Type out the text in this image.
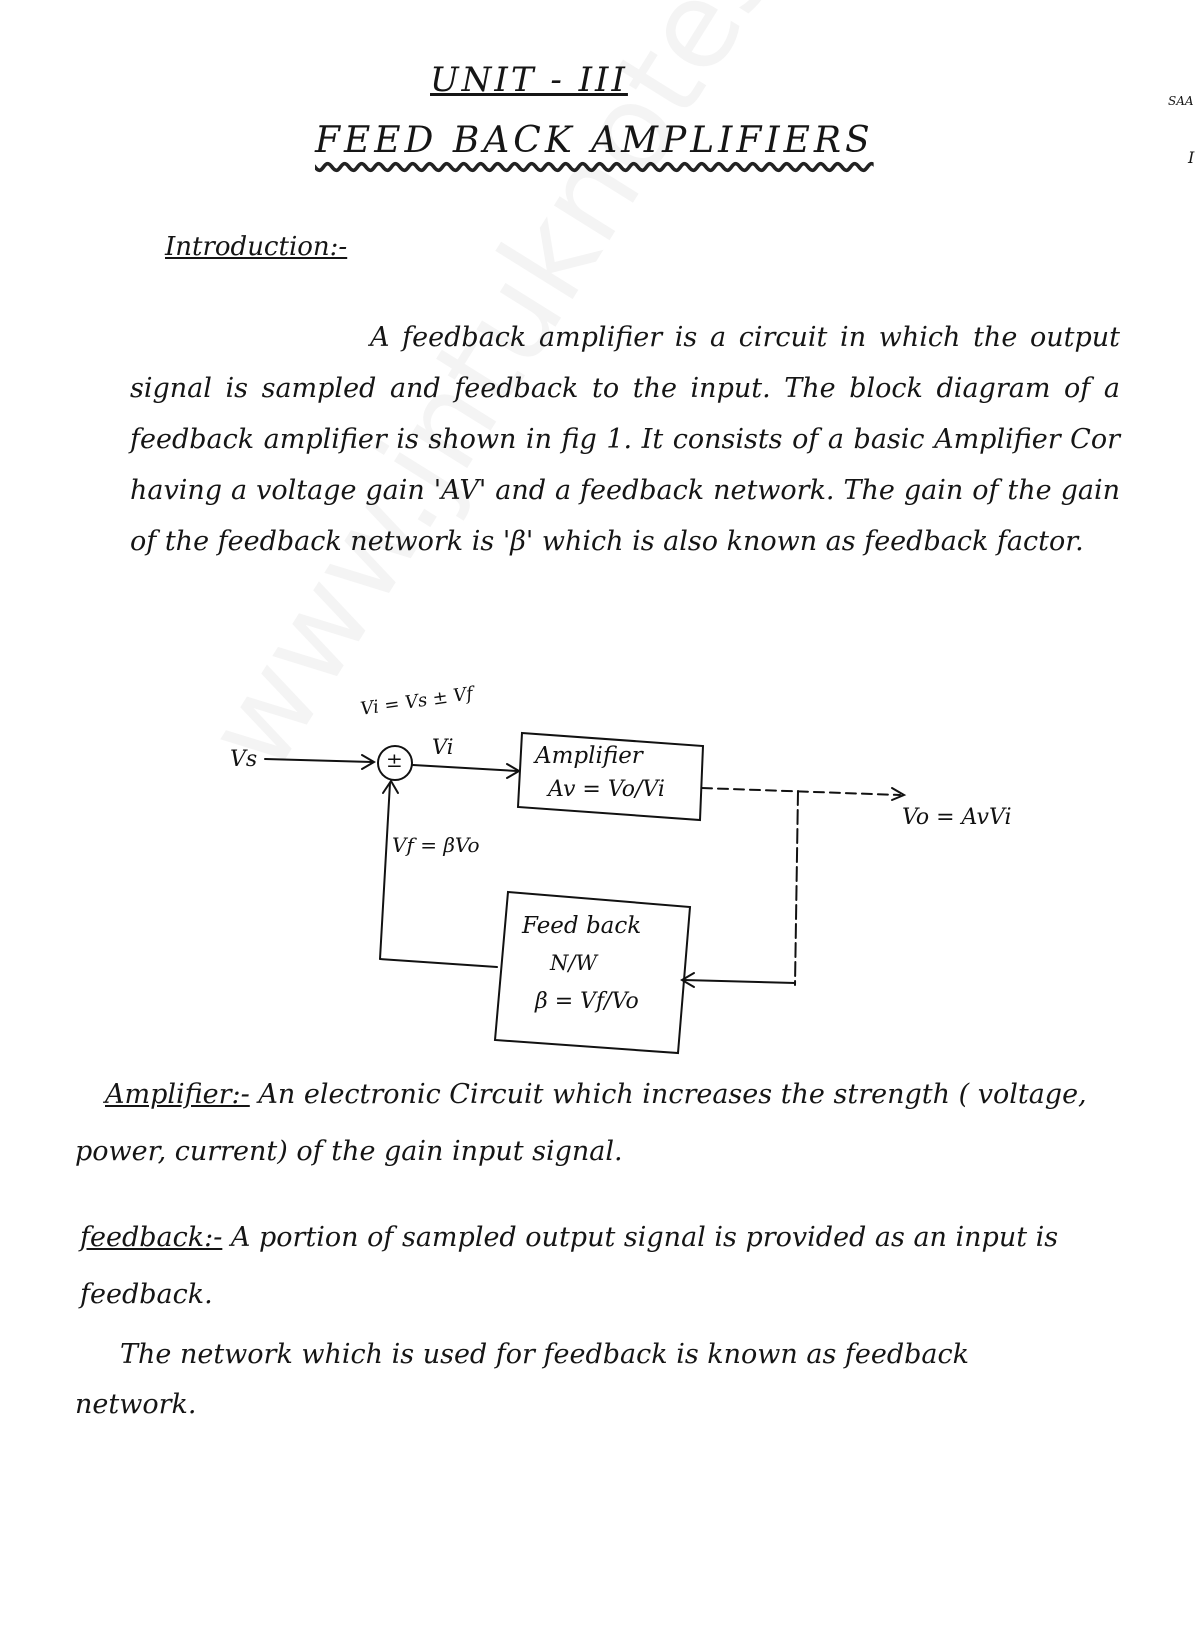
UNIT - III
FEED BACK AMPLIFIERS
SAA
I
Introduction:-

A feedback amplifier is a circuit in which the output signal is sampled and feedback to the input. The block diagram of a feedback amplifier is shown in fig 1. It consists of a basic Amplifier Cor having a voltage gain 'AV' and a feedback network. The gain of the gain of the feedback network is 'β' which is also known as feedback factor.

Vi = Vs ± Vf
Vs	±
Vi	Amplifier
Av = Vo/Vi
Vo = AvVi
Vf = βVo
Feed back
N/W
β = Vf/Vo

Amplifier:- An electronic Circuit which increases the strength ( voltage, power, current) of the gain input signal.

feedback:- A portion of sampled output signal is provided as an input is feedback.

The network which is used for feedback is known as feedback network.
